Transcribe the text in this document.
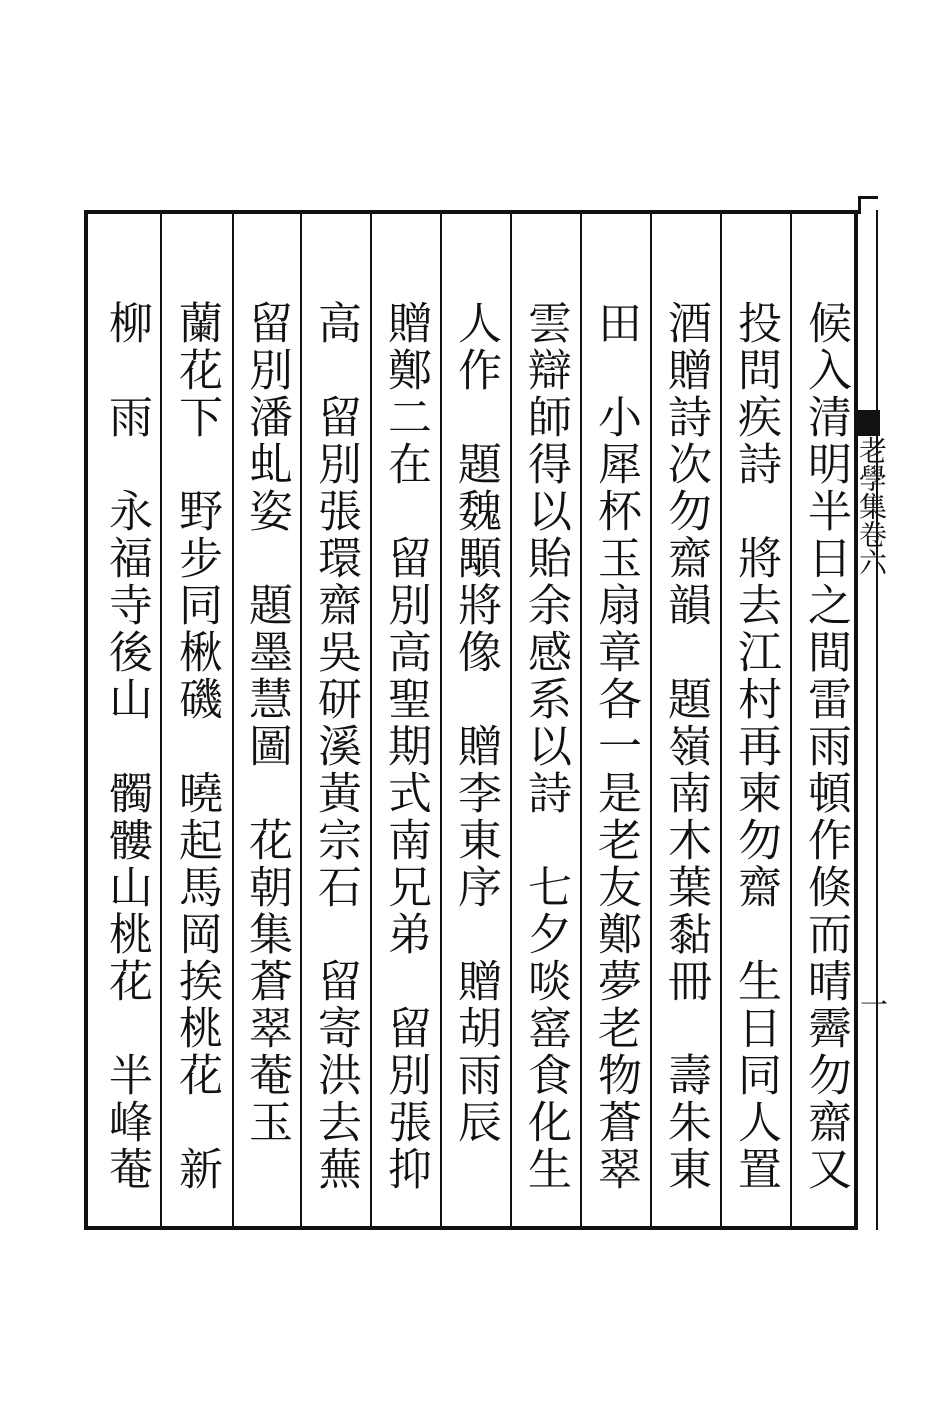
候入清明半日之間雷雨頓作倏而晴霽勿齋又
投問疾詩　將去江村再柬勿齋　生日同人置
酒贈詩次勿齋韻　題嶺南木葉黏冊　壽朱東
田　小犀杯玉扇章各一是老友鄭夢老物蒼翠
雲辯師得以貽余感系以詩　七夕啖窰食化生
人作　題魏顒將像　贈李東序　贈胡雨辰
贈鄭二在　留別高聖期式南兄弟　留別張抑
高　留別張環齋吳研溪黃宗石　留寄洪去蕪
留別潘虬姿　題墨慧圖　花朝集蒼翠菴玉
蘭花下　野步同楸磯　曉起馬岡挨桃花　新
柳　雨　永福寺後山　髑髏山桃花　半峰菴	老學集卷六
一
